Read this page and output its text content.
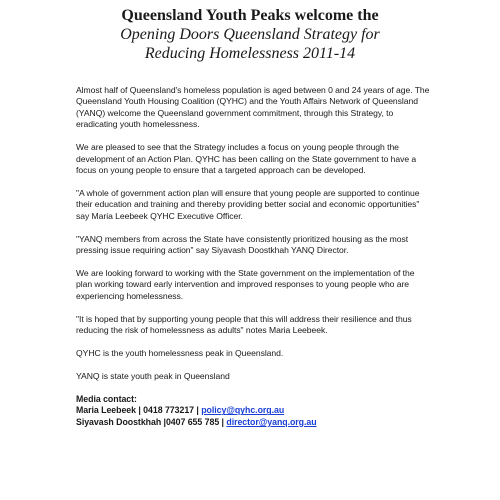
Queensland Youth Peaks welcome the
Opening Doors Queensland Strategy for
Reducing Homelessness 2011-14

Almost half of Queensland's homeless population is aged between 0 and 24 years of age. The Queensland Youth Housing Coalition (QYHC) and the Youth Affairs Network of Queensland (YANQ) welcome the Queensland government commitment, through this Strategy, to eradicating youth homelessness.

We are pleased to see that the Strategy includes a focus on young people through the development of an Action Plan. QYHC has been calling on the State government to have a focus on young people to ensure that a targeted approach can be developed.

"A whole of government action plan will ensure that young people are supported to continue their education and training and thereby providing better social and economic opportunities" say Maria Leebeek QYHC Executive Officer.

"YANQ members from across the State have consistently prioritized housing as the most pressing issue requiring action" say Siyavash Doostkhah YANQ Director.

We are looking forward to working with the State government on the implementation of the plan working toward early intervention and improved responses to young people who are experiencing homelessness.

"It is hoped that by supporting young people that this will address their resilience and thus reducing the risk of homelessness as adults" notes Maria Leebeek.

QYHC is the youth homelessness peak in Queensland.

YANQ is state youth peak in Queensland

Media contact:
Maria Leebeek | 0418 773217 | policy@qyhc.org.au
Siyavash Doostkhah |0407 655 785 | director@yanq.org.au
